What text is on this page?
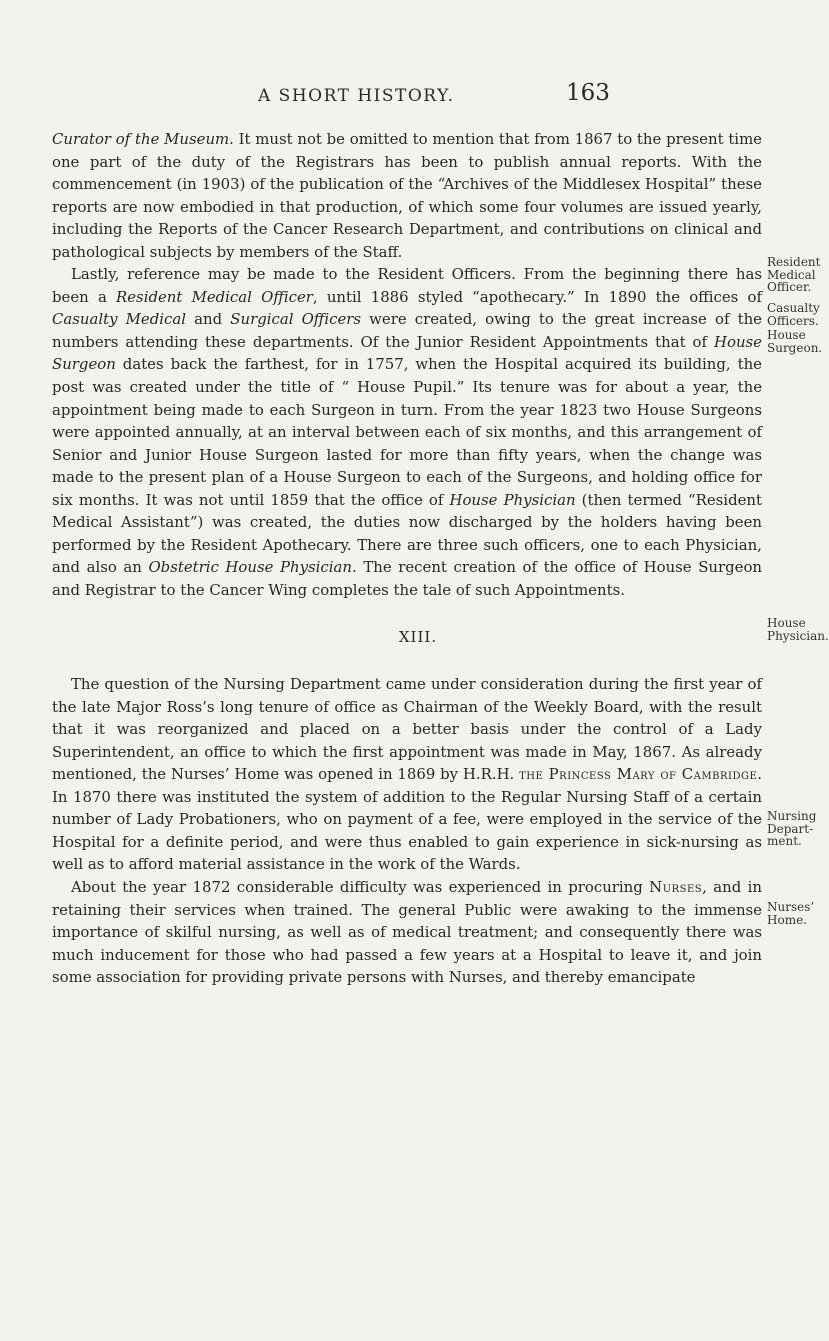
A SHORT HISTORY.	163

Curator of the Museum. It must not be omitted to mention that from 1867 to the present time one part of the duty of the Registrars has been to publish annual reports. With the commencement (in 1903) of the publication of the “Archives of the Middlesex Hospital” these reports are now embodied in that production, of which some four volumes are issued yearly, including the Reports of the Cancer Research Department, and contributions on clinical and pathological subjects by members of the Staff.

Lastly, reference may be made to the Resident Officers. From the beginning there has been a Resident Medical Officer, until 1886 styled “apothecary.” In 1890 the offices of Casualty Medical and Surgical Officers were created, owing to the great increase of the numbers attending these departments. Of the Junior Resident Appointments that of House Surgeon dates back the farthest, for in 1757, when the Hospital acquired its building, the post was created under the title of “ House Pupil.” Its tenure was for about a year, the appointment being made to each Surgeon in turn. From the year 1823 two House Surgeons were appointed annually, at an interval between each of six months, and this arrangement of Senior and Junior House Surgeon lasted for more than fifty years, when the change was made to the present plan of a House Surgeon to each of the Surgeons, and holding office for six months. It was not until 1859 that the office of House Physician (then termed “Resident Medical Assistant”) was created, the duties now discharged by the holders having been performed by the Resident Apothecary. There are three such officers, one to each Physician, and also an Obstetric House Physician. The recent creation of the office of House Surgeon and Registrar to the Cancer Wing completes the tale of such Appointments.

XIII.

The question of the Nursing Department came under consideration during the first year of the late Major Ross’s long tenure of office as Chairman of the Weekly Board, with the result that it was reorganized and placed on a better basis under the control of a Lady Superintendent, an office to which the first appointment was made in May, 1867. As already mentioned, the Nurses’ Home was opened in 1869 by H.R.H. the Princess Mary of Cambridge. In 1870 there was instituted the system of addition to the Regular Nursing Staff of a certain number of Lady Probationers, who on payment of a fee, were employed in the service of the Hospital for a definite period, and were thus enabled to gain experience in sick-nursing as well as to afford material assistance in the work of the Wards.

About the year 1872 considerable difficulty was experienced in procuring Nurses, and in retaining their services when trained. The general Public were awaking to the immense importance of skilful nursing, as well as of medical treatment; and consequently there was much inducement for those who had passed a few years at a Hospital to leave it, and join some association for providing private persons with Nurses, and thereby emancipate

Resident Medical Officer.
Casualty Officers.
House Surgeon.
House Physician.
Nursing Depart-ment.
Nurses’ Home.
